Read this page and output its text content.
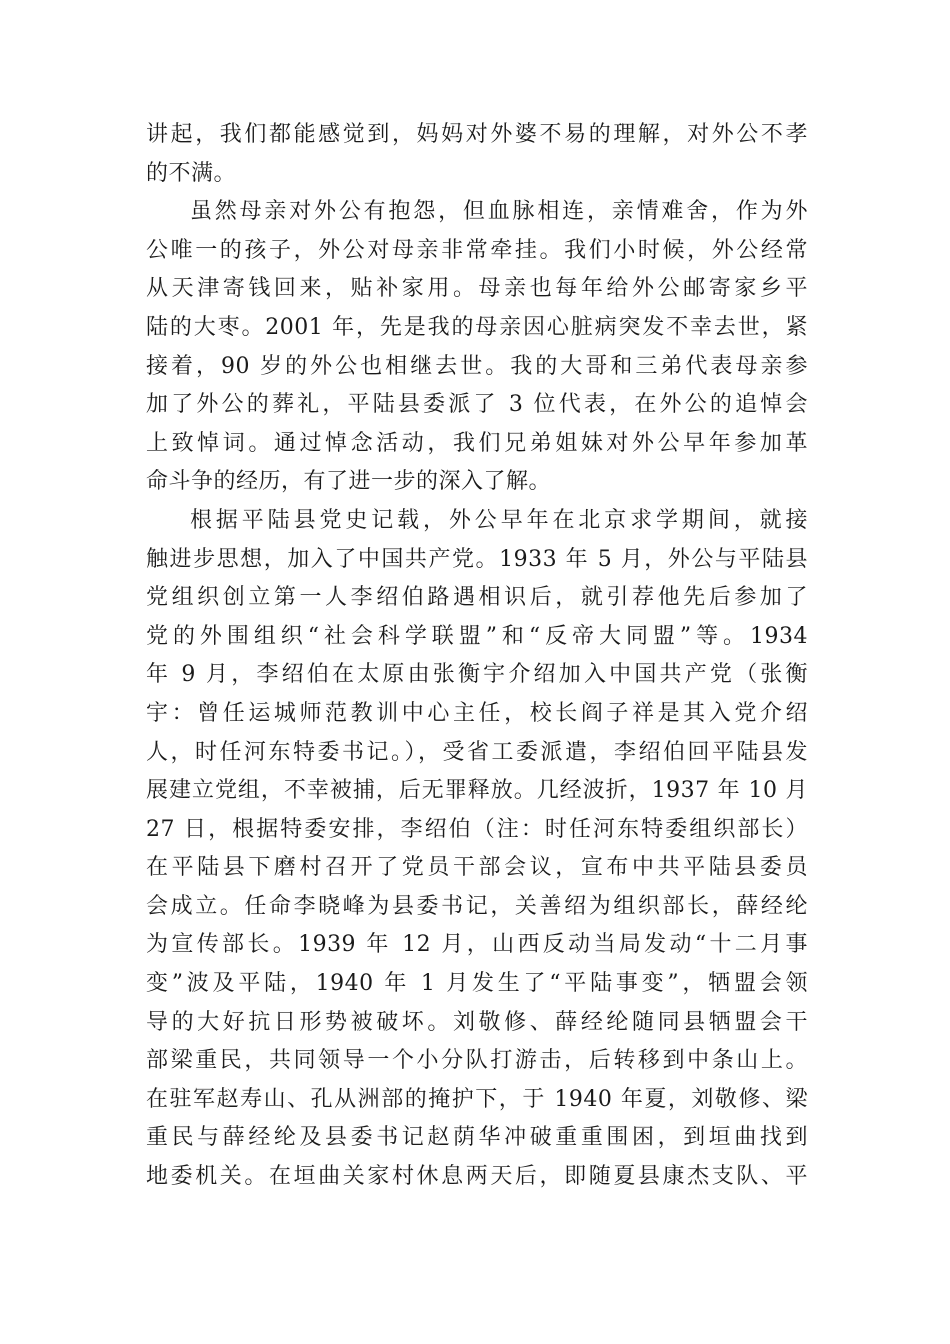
讲起，我们都能感觉到，妈妈对外婆不易的理解，对外公不孝
的不满。
虽然母亲对外公有抱怨，但血脉相连，亲情难舍，作为外
公唯一的孩子，外公对母亲非常牵挂。我们小时候，外公经常
从天津寄钱回来，贴补家用。母亲也每年给外公邮寄家乡平
陆的大枣。2001 年，先是我的母亲因心脏病突发不幸去世，紧
接着，90 岁的外公也相继去世。我的大哥和三弟代表母亲参
加了外公的葬礼，平陆县委派了 3 位代表，在外公的追悼会
上致悼词。通过悼念活动，我们兄弟姐妹对外公早年参加革
命斗争的经历，有了进一步的深入了解。
根据平陆县党史记载，外公早年在北京求学期间，就接
触进步思想，加入了中国共产党。1933 年 5 月，外公与平陆县
党组织创立第一人李绍伯路遇相识后，就引荐他先后参加了
党的外围组织“社会科学联盟”和“反帝大同盟”等。1934
年 9 月，李绍伯在太原由张衡宇介绍加入中国共产党（张衡
宇：曾任运城师范教训中心主任，校长阎子祥是其入党介绍
人，时任河东特委书记。），受省工委派遣，李绍伯回平陆县发
展建立党组，不幸被捕，后无罪释放。几经波折，1937 年 10 月
27 日，根据特委安排，李绍伯（注：时任河东特委组织部长）
在平陆县下磨村召开了党员干部会议，宣布中共平陆县委员
会成立。任命李晓峰为县委书记，关善绍为组织部长，薛经纶
为宣传部长。1939 年 12 月，山西反动当局发动“十二月事
变”波及平陆，1940 年 1 月发生了“平陆事变”，牺盟会领
导的大好抗日形势被破坏。刘敬修、薛经纶随同县牺盟会干
部梁重民，共同领导一个小分队打游击，后转移到中条山上。
在驻军赵寿山、孔从洲部的掩护下，于 1940 年夏，刘敬修、梁
重民与薛经纶及县委书记赵荫华冲破重重围困，到垣曲找到
地委机关。在垣曲关家村休息两天后，即随夏县康杰支队、平
